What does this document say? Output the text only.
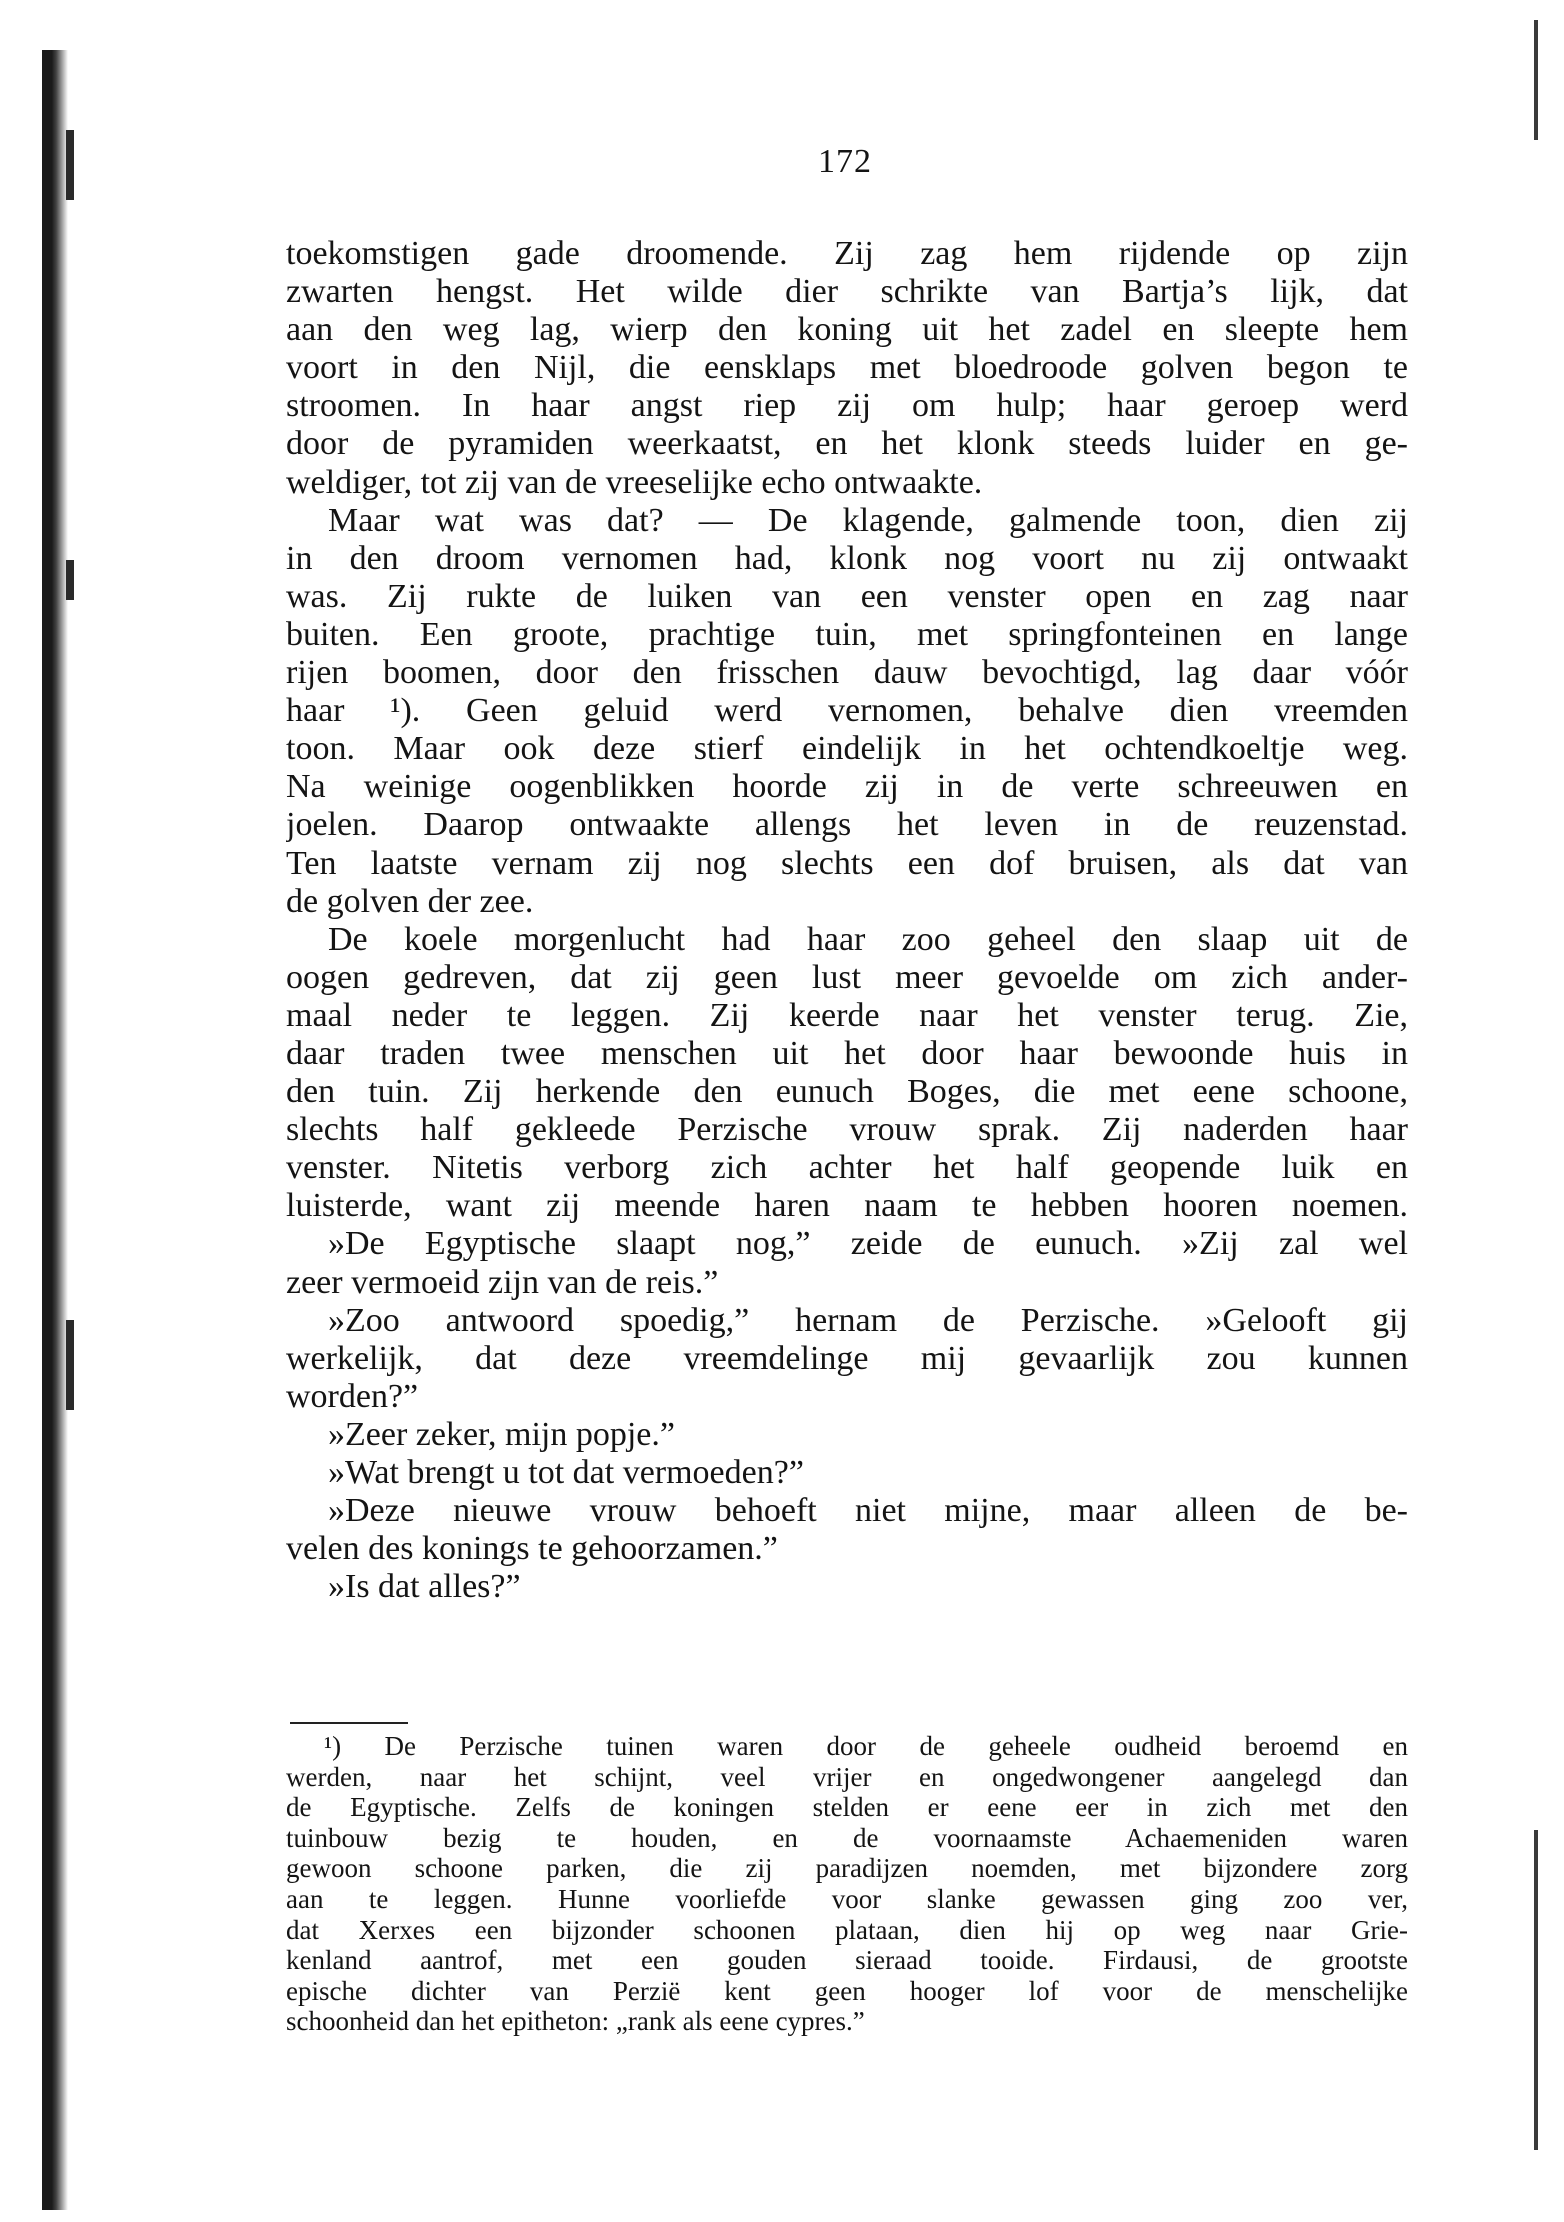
172
toekomstigen gade droomende. Zij zag hem rijdende op zijn
zwarten hengst. Het wilde dier schrikte van Bartja’s lijk, dat
aan den weg lag, wierp den koning uit het zadel en sleepte hem
voort in den Nijl, die eensklaps met bloedroode golven begon te
stroomen. In haar angst riep zij om hulp; haar geroep werd
door de pyramiden weerkaatst, en het klonk steeds luider en ge-
weldiger, tot zij van de vreeselijke echo ontwaakte.
Maar wat was dat? — De klagende, galmende toon, dien zij
in den droom vernomen had, klonk nog voort nu zij ontwaakt
was. Zij rukte de luiken van een venster open en zag naar
buiten. Een groote, prachtige tuin, met springfonteinen en lange
rijen boomen, door den frisschen dauw bevochtigd, lag daar vóór
haar ¹). Geen geluid werd vernomen, behalve dien vreemden
toon. Maar ook deze stierf eindelijk in het ochtendkoeltje weg.
Na weinige oogenblikken hoorde zij in de verte schreeuwen en
joelen. Daarop ontwaakte allengs het leven in de reuzenstad.
Ten laatste vernam zij nog slechts een dof bruisen, als dat van
de golven der zee.
De koele morgenlucht had haar zoo geheel den slaap uit de
oogen gedreven, dat zij geen lust meer gevoelde om zich ander-
maal neder te leggen. Zij keerde naar het venster terug. Zie,
daar traden twee menschen uit het door haar bewoonde huis in
den tuin. Zij herkende den eunuch Boges, die met eene schoone,
slechts half gekleede Perzische vrouw sprak. Zij naderden haar
venster. Nitetis verborg zich achter het half geopende luik en
luisterde, want zij meende haren naam te hebben hooren noemen.
»De Egyptische slaapt nog,” zeide de eunuch. »Zij zal wel
zeer vermoeid zijn van de reis.”
»Zoo antwoord spoedig,” hernam de Perzische. »Gelooft gij
werkelijk, dat deze vreemdelinge mij gevaarlijk zou kunnen
worden?”
»Zeer zeker, mijn popje.”
»Wat brengt u tot dat vermoeden?”
»Deze nieuwe vrouw behoeft niet mijne, maar alleen de be-
velen des konings te gehoorzamen.”
»Is dat alles?”
¹) De Perzische tuinen waren door de geheele oudheid beroemd en
werden, naar het schijnt, veel vrijer en ongedwongener aangelegd dan
de Egyptische. Zelfs de koningen stelden er eene eer in zich met den
tuinbouw bezig te houden, en de voornaamste Achaemeniden waren
gewoon schoone parken, die zij paradijzen noemden, met bijzondere zorg
aan te leggen. Hunne voorliefde voor slanke gewassen ging zoo ver,
dat Xerxes een bijzonder schoonen plataan, dien hij op weg naar Grie-
kenland aantrof, met een gouden sieraad tooide. Firdausi, de grootste
epische dichter van Perzië kent geen hooger lof voor de menschelijke
schoonheid dan het epitheton: „rank als eene cypres.”
